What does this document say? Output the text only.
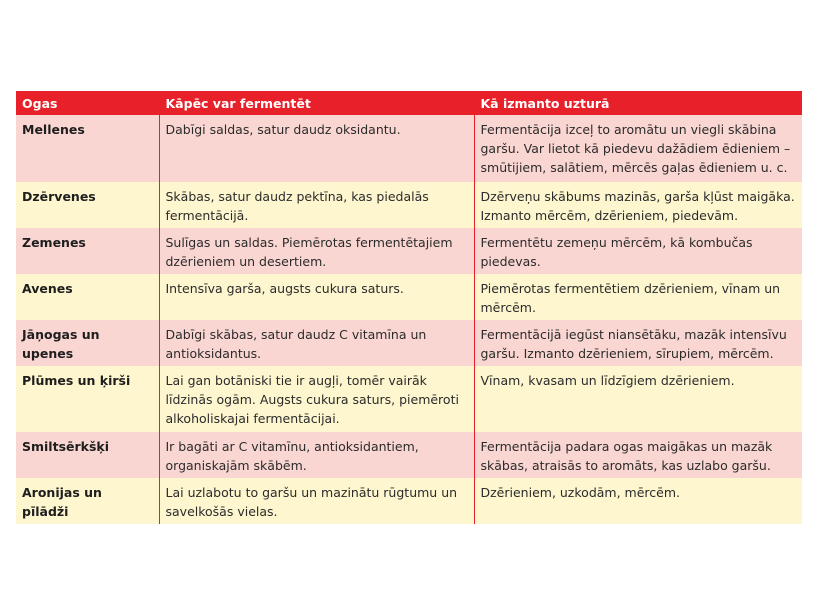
Ogas	Kāpēc var fermentēt	Kā izmanto uzturā
Mellenes	Dabīgi saldas, satur daudz oksidantu.	Fermentācija izceļ to aromātu un viegli skābina garšu. Var lietot kā piedevu dažādiem ēdieniem – smūtijiem, salātiem, mērcēs gaļas ēdieniem u. c.
Dzērvenes	Skābas, satur daudz pektīna, kas piedalās fermentācijā.	Dzērveņu skābums mazinās, garša kļūst maigāka. Izmanto mērcēm, dzērieniem, piedevām.
Zemenes	Sulīgas un saldas. Piemērotas fermentētajiem dzērieniem un desertiem.	Fermentētu zemeņu mērcēm, kā kombučas piedevas.
Avenes	Intensīva garša, augsts cukura saturs.	Piemērotas fermentētiem dzērieniem, vīnam un mērcēm.
Jāņogas un upenes	Dabīgi skābas, satur daudz C vitamīna un antioksidantus.	Fermentācijā iegūst niansētāku, mazāk intensīvu garšu. Izmanto dzērieniem, sīrupiem, mērcēm.
Plūmes un ķirši	Lai gan botāniski tie ir augļi, tomēr vairāk līdzinās ogām. Augsts cukura saturs, piemēroti alkoholiskajai fermentācijai.	Vīnam, kvasam un līdzīgiem dzērieniem.
Smiltsērkšķi	Ir bagāti ar C vitamīnu, antioksidantiem, organiskajām skābēm.	Fermentācija padara ogas maigākas un mazāk skābas, atraisās to aromāts, kas uzlabo garšu.
Aronijas un pīlādži	Lai uzlabotu to garšu un mazinātu rūgtumu un savelkošās vielas.	Dzērieniem, uzkodām, mērcēm.
